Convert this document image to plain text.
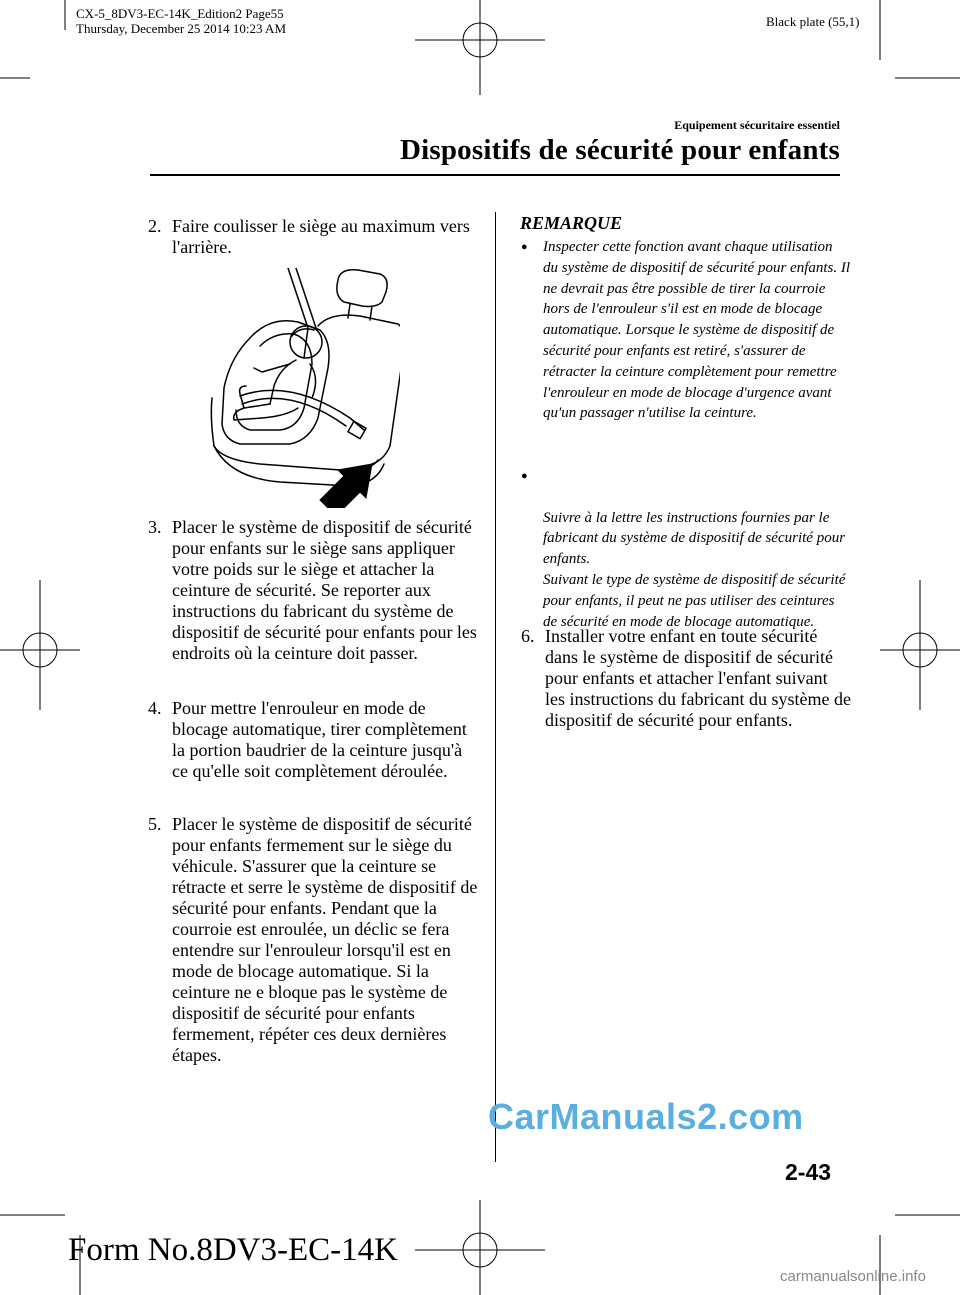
CX-5_8DV3-EC-14K_Edition2 Page55
Thursday, December 25 2014 10:23 AM	Black plate (55,1)
Equipement sécuritaire essentiel
Dispositifs de sécurité pour enfants
2. Faire coulisser le siège au maximum vers l'arrière.
3. Placer le système de dispositif de sécurité pour enfants sur le siège sans appliquer votre poids sur le siège et attacher la ceinture de sécurité. Se reporter aux instructions du fabricant du système de dispositif de sécurité pour enfants pour les endroits où la ceinture doit passer.
4. Pour mettre l'enrouleur en mode de blocage automatique, tirer complètement la portion baudrier de la ceinture jusqu'à ce qu'elle soit complètement déroulée.
5. Placer le système de dispositif de sécurité pour enfants fermement sur le siège du véhicule. S'assurer que la ceinture se rétracte et serre le système de dispositif de sécurité pour enfants. Pendant que la courroie est enroulée, un déclic se fera entendre sur l'enrouleur lorsqu'il est en mode de blocage automatique. Si la ceinture ne e bloque pas le système de dispositif de sécurité pour enfants fermement, répéter ces deux dernières étapes.
REMARQUE
● Inspecter cette fonction avant chaque utilisation du système de dispositif de sécurité pour enfants. Il ne devrait pas être possible de tirer la courroie hors de l'enrouleur s'il est en mode de blocage automatique. Lorsque le système de dispositif de sécurité pour enfants est retiré, s'assurer de rétracter la ceinture complètement pour remettre l'enrouleur en mode de blocage d'urgence avant qu'un passager n'utilise la ceinture.

●

Suivre à la lettre les instructions fournies par le fabricant du système de dispositif de sécurité pour enfants.
Suivant le type de système de dispositif de sécurité pour enfants, il peut ne pas utiliser des ceintures de sécurité en mode de blocage automatique.

6. Installer votre enfant en toute sécurité dans le système de dispositif de sécurité pour enfants et attacher l'enfant suivant les instructions du fabricant du système de dispositif de sécurité pour enfants.
CarManuals2.com
2-43
Form No.8DV3-EC-14K
carmanualsonline.info
